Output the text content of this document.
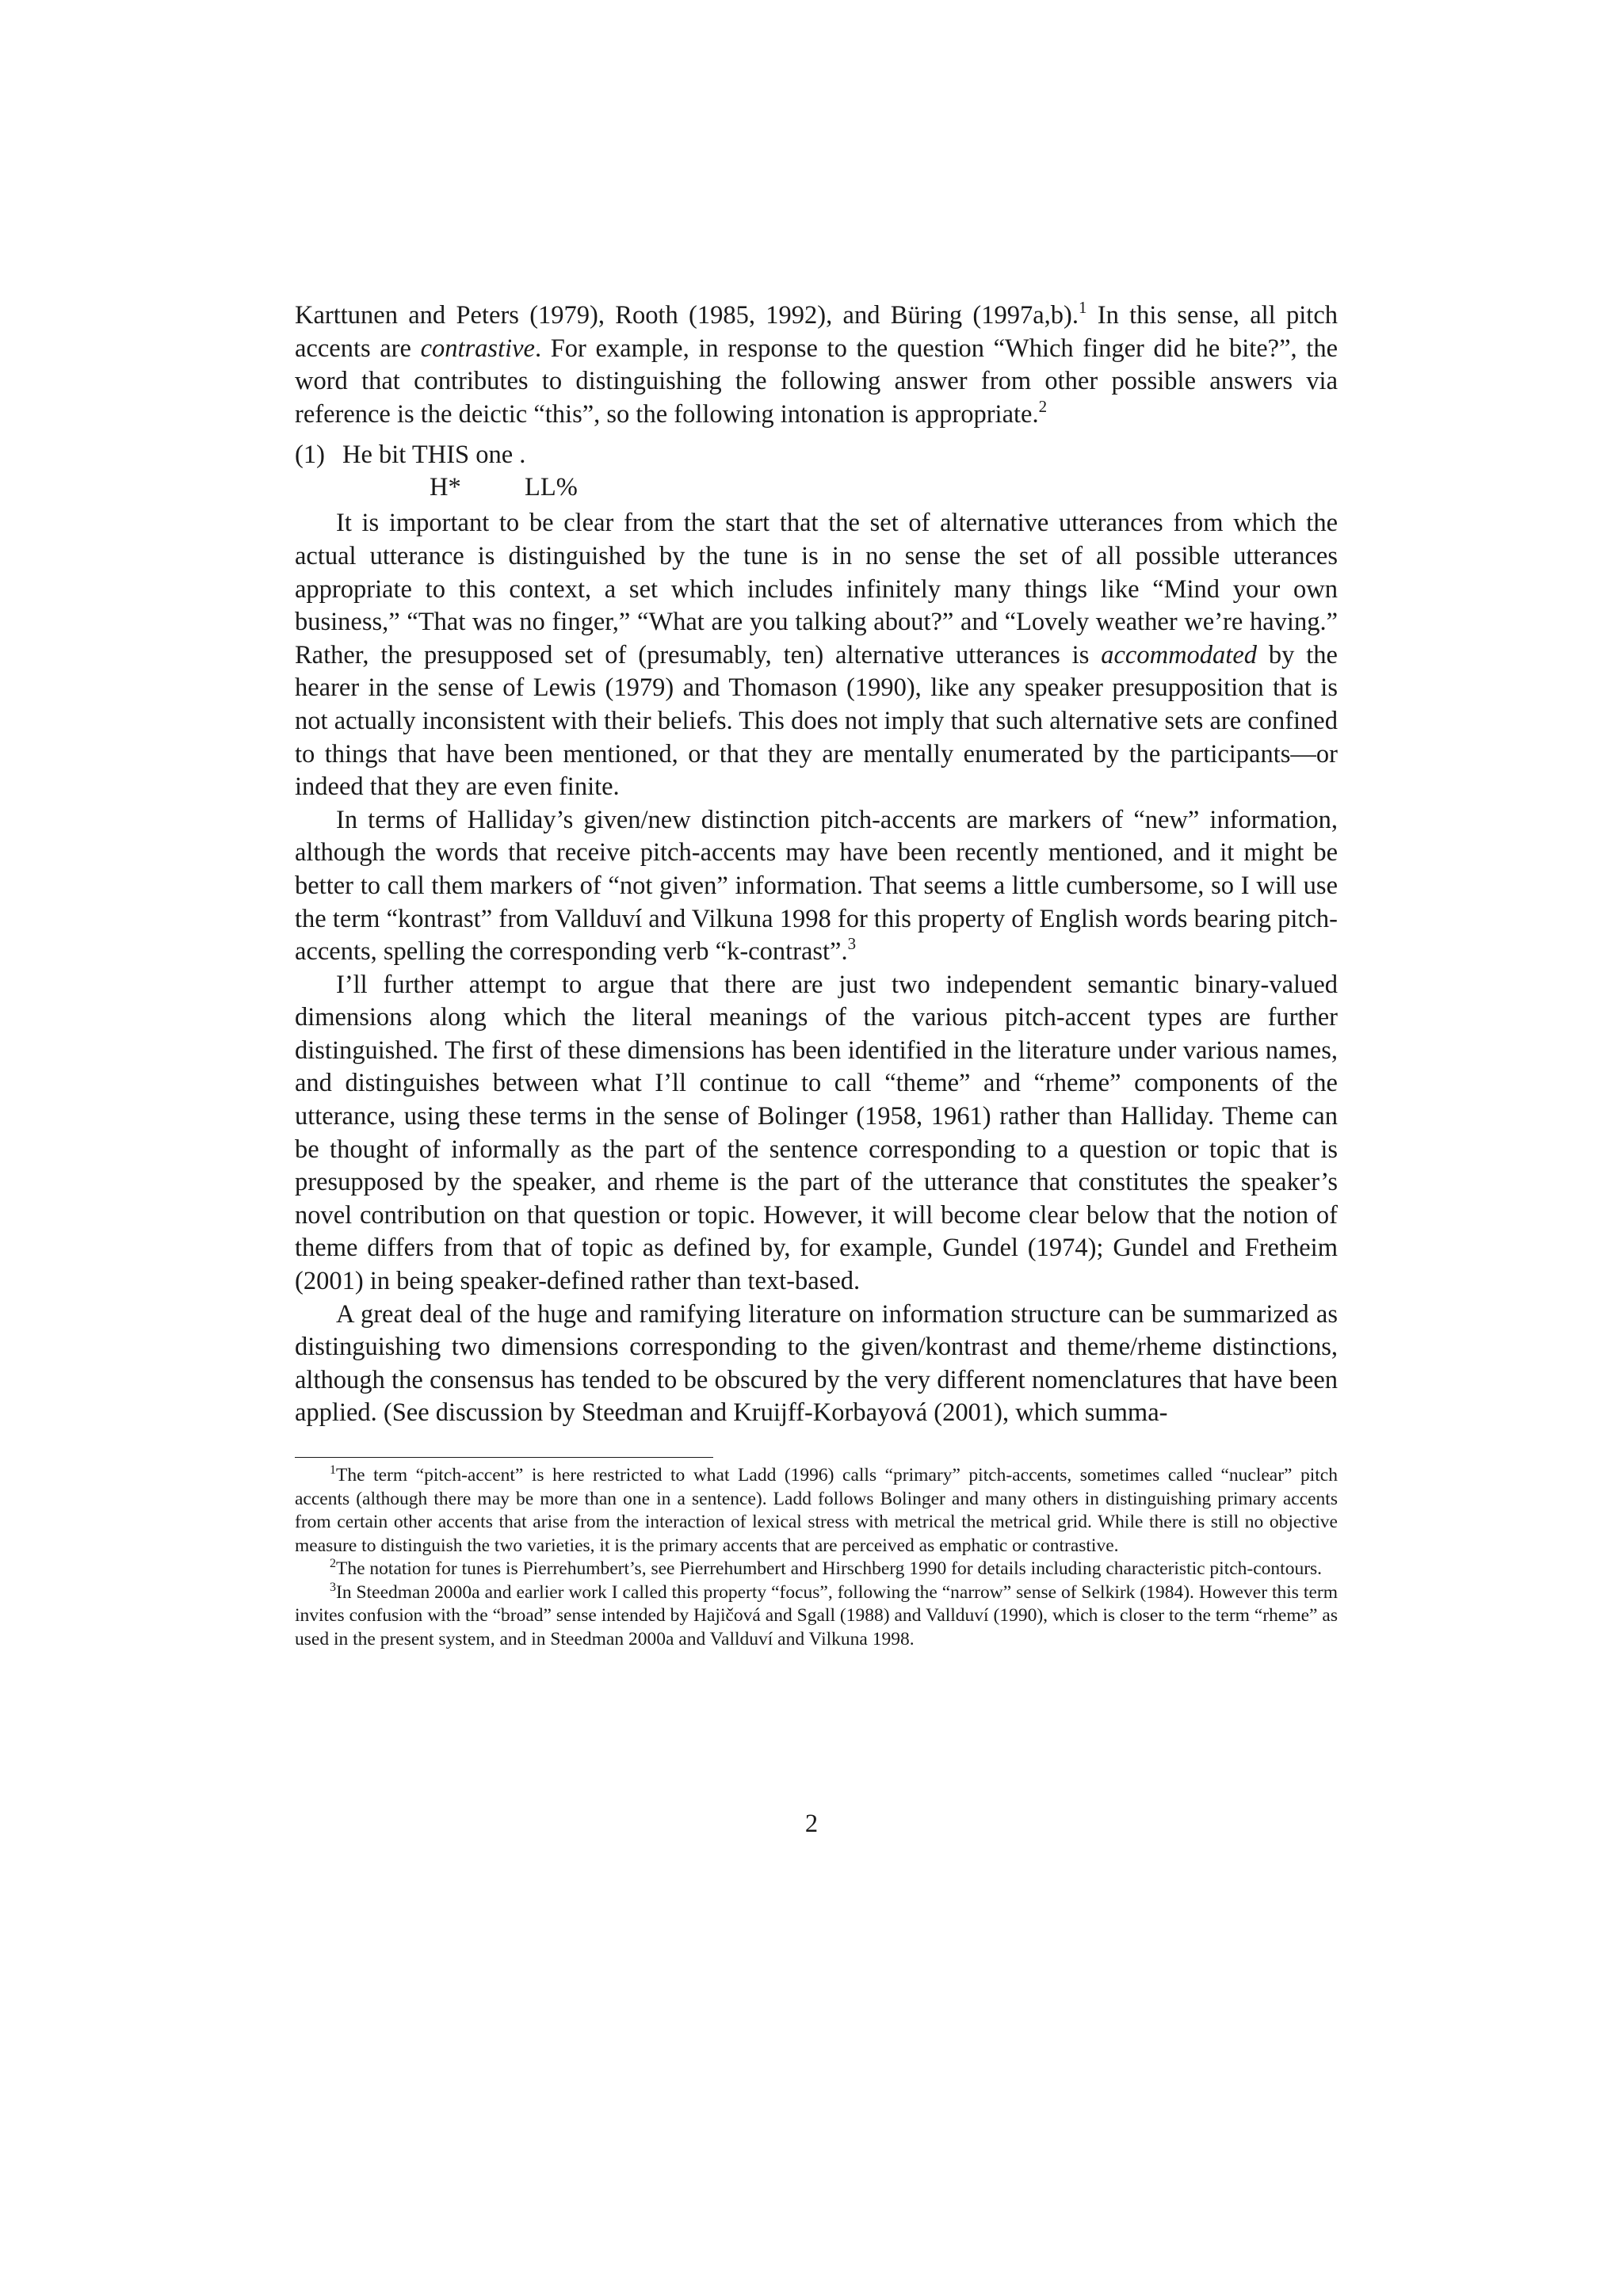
Karttunen and Peters (1979), Rooth (1985, 1992), and Büring (1997a,b).$^1$ In this sense, all pitch accents are contrastive. For example, in response to the question “Which finger did he bite?”, the word that contributes to distinguishing the following answer from other possible answers via reference is the deictic “this”, so the following intonation is appropriate.$^2$

(1) He bit THIS one .
H* LL%

It is important to be clear from the start that the set of alternative utterances from which the actual utterance is distinguished by the tune is in no sense the set of all possible utterances appropriate to this context, a set which includes infinitely many things like “Mind your own business,” “That was no finger,” “What are you talking about?” and “Lovely weather we’re having.” Rather, the presupposed set of (presumably, ten) alternative utterances is accommodated by the hearer in the sense of Lewis (1979) and Thomason (1990), like any speaker presupposition that is not actually inconsistent with their beliefs. This does not imply that such alternative sets are confined to things that have been mentioned, or that they are mentally enumerated by the participants—or indeed that they are even finite.

In terms of Halliday’s given/new distinction pitch-accents are markers of “new” information, although the words that receive pitch-accents may have been recently mentioned, and it might be better to call them markers of “not given” information. That seems a little cumbersome, so I will use the term “kontrast” from Vallduví and Vilkuna 1998 for this property of English words bearing pitch-accents, spelling the corresponding verb “k-contrast”.$^3$

I’ll further attempt to argue that there are just two independent semantic binary-valued dimensions along which the literal meanings of the various pitch-accent types are further distinguished. The first of these dimensions has been identified in the literature under various names, and distinguishes between what I’ll continue to call “theme” and “rheme” components of the utterance, using these terms in the sense of Bolinger (1958, 1961) rather than Halliday. Theme can be thought of informally as the part of the sentence corresponding to a question or topic that is presupposed by the speaker, and rheme is the part of the utterance that constitutes the speaker’s novel contribution on that question or topic. However, it will become clear below that the notion of theme differs from that of topic as defined by, for example, Gundel (1974); Gundel and Fretheim (2001) in being speaker-defined rather than text-based.

A great deal of the huge and ramifying literature on information structure can be summarized as distinguishing two dimensions corresponding to the given/kontrast and theme/rheme distinctions, although the consensus has tended to be obscured by the very different nomenclatures that have been applied. (See discussion by Steedman and Kruijff-Korbayová (2001), which summa-

$^1$The term “pitch-accent” is here restricted to what Ladd (1996) calls “primary” pitch-accents, sometimes called “nuclear” pitch accents (although there may be more than one in a sentence). Ladd follows Bolinger and many others in distinguishing primary accents from certain other accents that arise from the interaction of lexical stress with metrical the metrical grid. While there is still no objective measure to distinguish the two varieties, it is the primary accents that are perceived as emphatic or contrastive.

$^2$The notation for tunes is Pierrehumbert’s, see Pierrehumbert and Hirschberg 1990 for details including characteristic pitch-contours.

$^3$In Steedman 2000a and earlier work I called this property “focus”, following the “narrow” sense of Selkirk (1984). However this term invites confusion with the “broad” sense intended by Hajičová and Sgall (1988) and Vallduví (1990), which is closer to the term “rheme” as used in the present system, and in Steedman 2000a and Vallduví and Vilkuna 1998.

2
